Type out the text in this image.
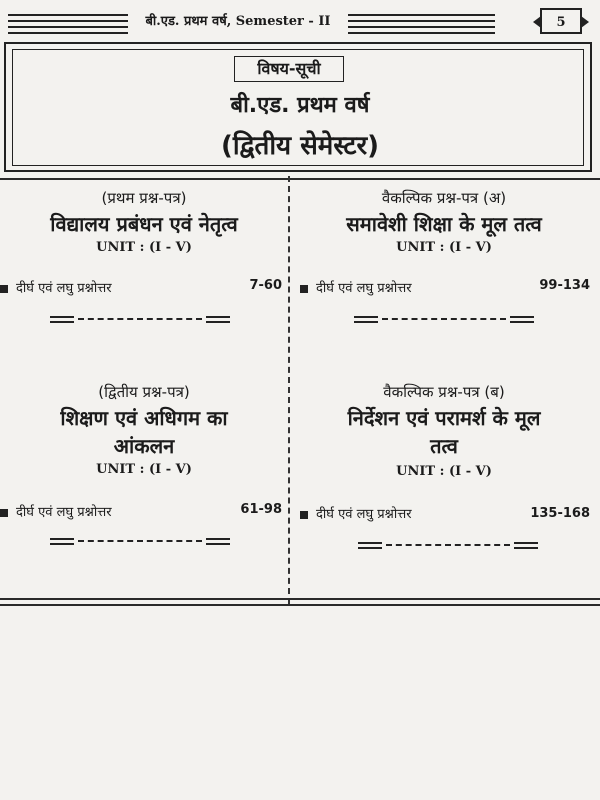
बी.एड. प्रथम वर्ष, Semester - II	5
विषय-सूची
बी.एड. प्रथम वर्ष
(द्वितीय सेमेस्टर)
(प्रथम प्रश्न-पत्र)
विद्यालय प्रबंधन एवं नेतृत्व
UNIT : (I - V)
दीर्घ एवं लघु प्रश्नोत्तर	7-60
वैकल्पिक प्रश्न-पत्र (अ)
समावेशी शिक्षा के मूल तत्व
UNIT : (I - V)
दीर्घ एवं लघु प्रश्नोत्तर	99-134
(द्वितीय प्रश्न-पत्र)
शिक्षण एवं अधिगम का
आंकलन
UNIT : (I - V)
दीर्घ एवं लघु प्रश्नोत्तर	61-98
वैकल्पिक प्रश्न-पत्र (ब)
निर्देशन एवं परामर्श के मूल
तत्व
UNIT : (I - V)
दीर्घ एवं लघु प्रश्नोत्तर	135-168
